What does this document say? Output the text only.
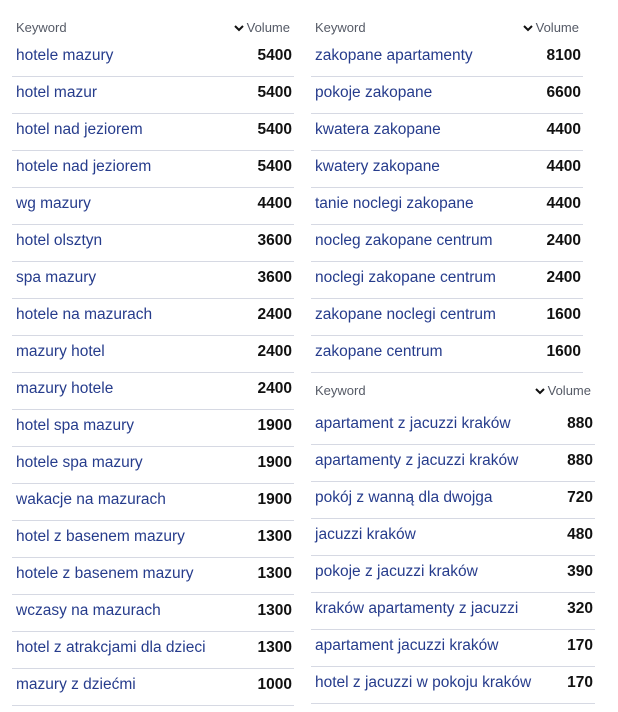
Keyword	Volume
hotele mazury	5400
hotel mazur	5400
hotel nad jeziorem	5400
hotele nad jeziorem	5400
wg mazury	4400
hotel olsztyn	3600
spa mazury	3600
hotele na mazurach	2400
mazury hotel	2400
mazury hotele	2400
hotel spa mazury	1900
hotele spa mazury	1900
wakacje na mazurach	1900
hotel z basenem mazury	1300
hotele z basenem mazury	1300
wczasy na mazurach	1300
hotel z atrakcjami dla dzieci	1300
mazury z dziećmi	1000
Keyword	Volume
zakopane apartamenty	8100
pokoje zakopane	6600
kwatera zakopane	4400
kwatery zakopane	4400
tanie noclegi zakopane	4400
nocleg zakopane centrum	2400
noclegi zakopane centrum	2400
zakopane noclegi centrum	1600
zakopane centrum	1600
Keyword	Volume
apartament z jacuzzi kraków	880
apartamenty z jacuzzi kraków	880
pokój z wanną dla dwojga	720
jacuzzi kraków	480
pokoje z jacuzzi kraków	390
kraków apartamenty z jacuzzi	320
apartament jacuzzi kraków	170
hotel z jacuzzi w pokoju kraków 170
